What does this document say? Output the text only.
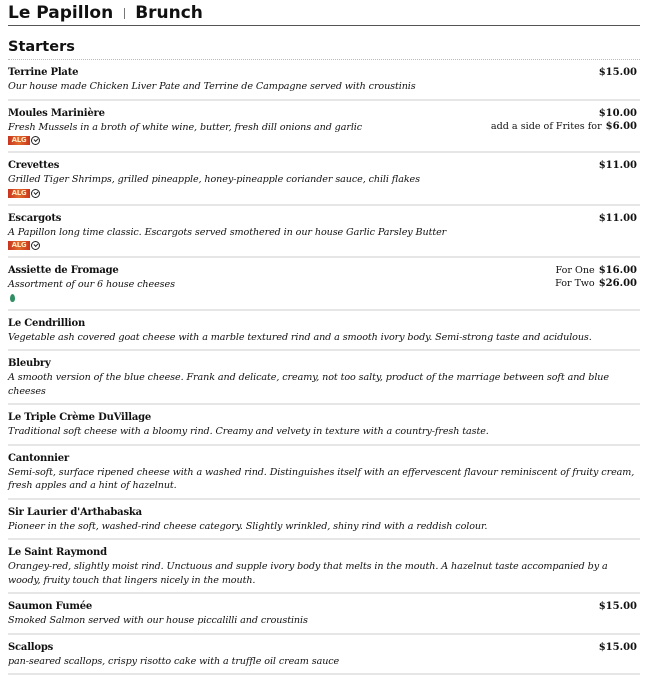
Le Papillon Brunch
Starters
Terrine Plate
Our house made Chicken Liver Pate and Terrine de Campagne served with croustinis
$15.00
Moules Marinière
Fresh Mussels in a broth of white wine, butter, fresh dill onions and garlic
ALG
$10.00
add a side of Frites for $6.00
Crevettes
Grilled Tiger Shrimps, grilled pineapple, honey-pineapple coriander sauce, chili flakes
ALG
$11.00
Escargots
A Papillon long time classic. Escargots served smothered in our house Garlic Parsley Butter
ALG
$11.00
Assiette de Fromage
Assortment of our 6 house cheeses
For One $16.00
For Two $26.00
Le Cendrillion
Vegetable ash covered goat cheese with a marble textured rind and a smooth ivory body. Semi-strong taste and acidulous.
Bleubry
A smooth version of the blue cheese. Frank and delicate, creamy, not too salty, product of the marriage between soft and blue cheeses
Le Triple Crème DuVillage
Traditional soft cheese with a bloomy rind. Creamy and velvety in texture with a country-fresh taste.
Cantonnier
Semi-soft, surface ripened cheese with a washed rind. Distinguishes itself with an effervescent flavour reminiscent of fruity cream, fresh apples and a hint of hazelnut.
Sir Laurier d'Arthabaska
Pioneer in the soft, washed-rind cheese category. Slightly wrinkled, shiny rind with a reddish colour.
Le Saint Raymond
Orangey-red, slightly moist rind. Unctuous and supple ivory body that melts in the mouth. A hazelnut taste accompanied by a woody, fruity touch that lingers nicely in the mouth.
Saumon Fumée
Smoked Salmon served with our house piccalilli and croustinis
$15.00
Scallops
pan-seared scallops, crispy risotto cake with a truffle oil cream sauce
$15.00
